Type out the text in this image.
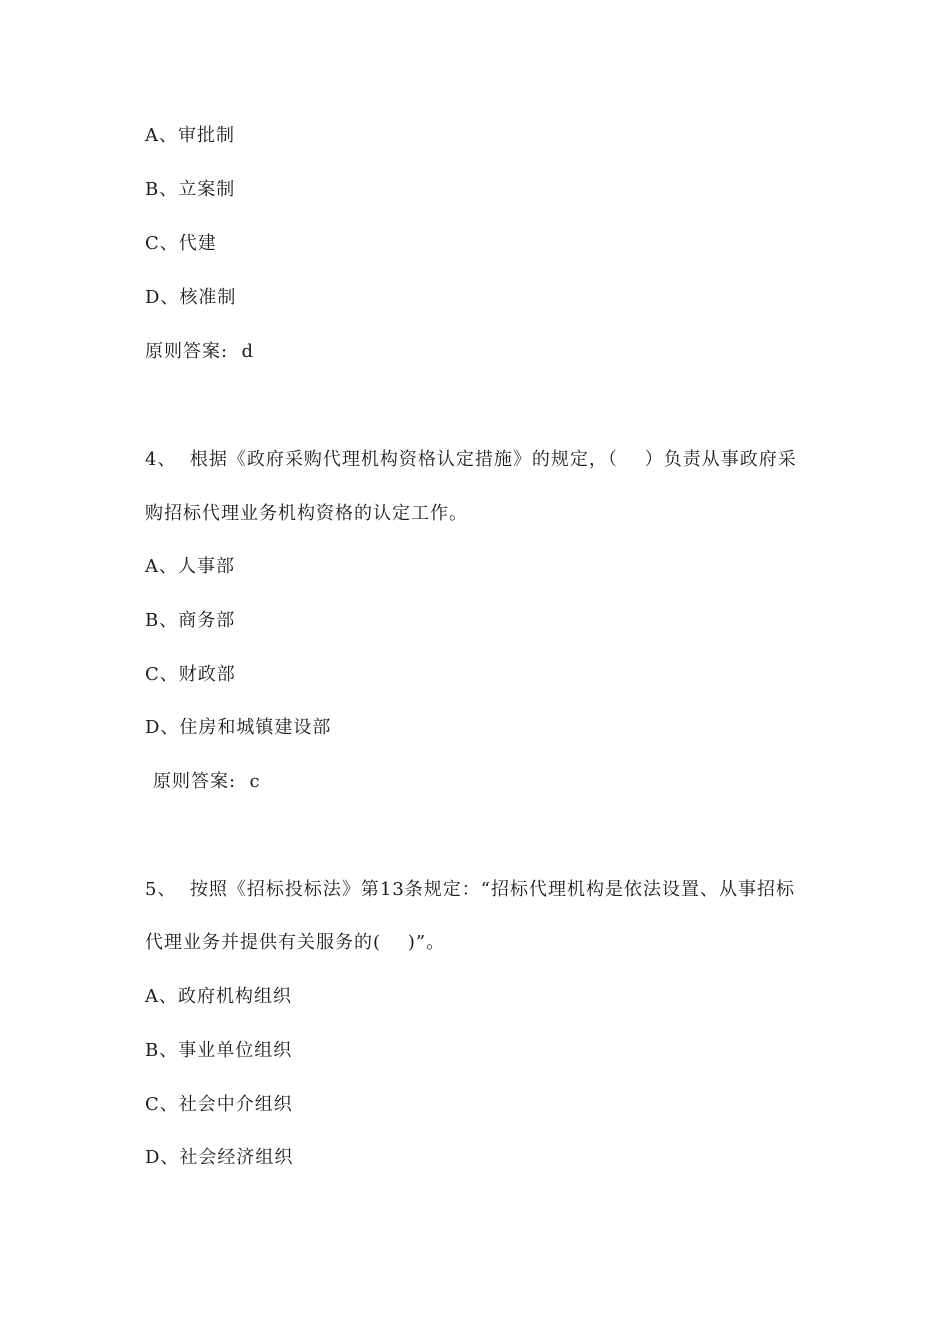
A、审批制
B、立案制
C、代建
D、核准制
原则答案:  d
4、  根据《政府采购代理机构资格认定措施》的规定，（    ）负责从事政府采
购招标代理业务机构资格的认定工作。
A、人事部
B、商务部
C、财政部
D、住房和城镇建设部
原则答案:  c
5、  按照《招标投标法》第13条规定：“招标代理机构是依法设置、从事招标
代理业务并提供有关服务的(    )”。
A、政府机构组织
B、事业单位组织
C、社会中介组织
D、社会经济组织
